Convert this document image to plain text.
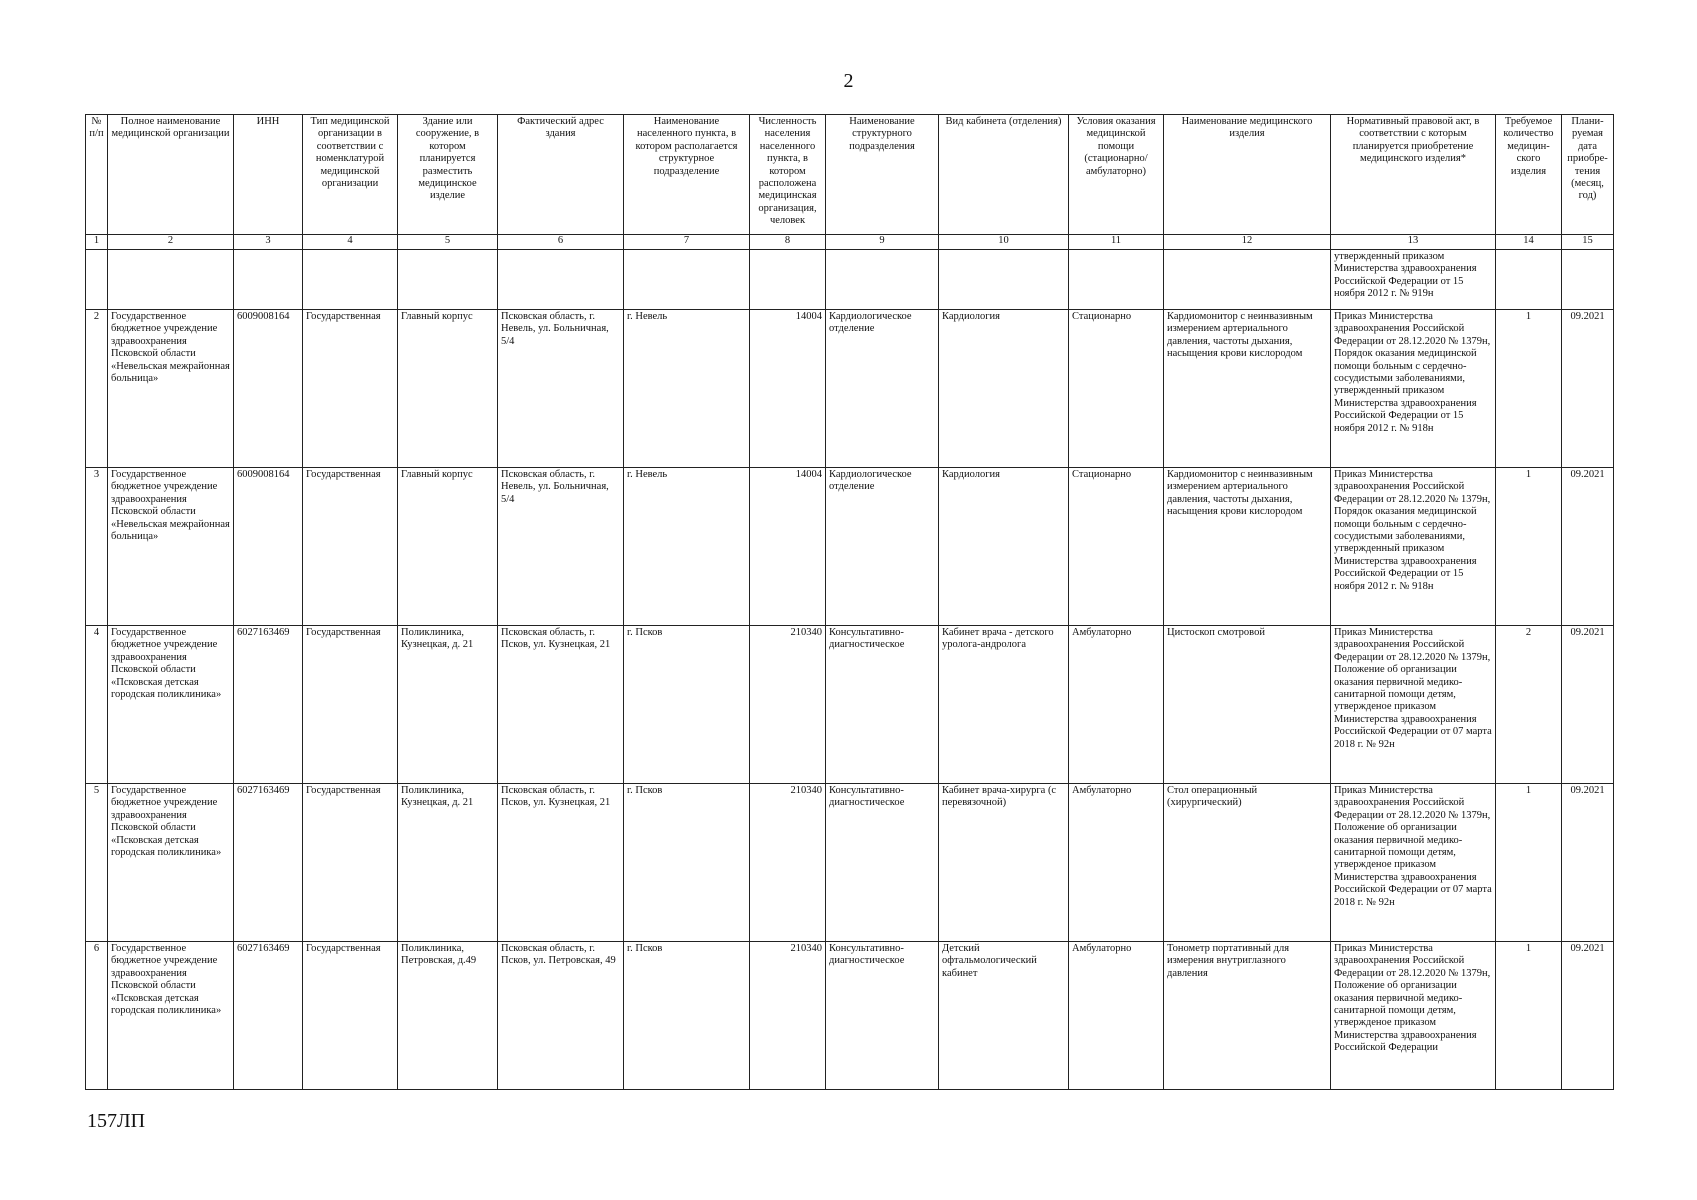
2
№ п/п	Полное наименование медицинской организации	ИНН	Тип медицинской организации в соответствии с номенклатурой медицинской организации	Здание или сооружение, в котором планируется разместить медицинское изделие	Фактический адрес здания	Наименование населенного пункта, в котором располагается структурное подразделение	Численность населения населенного пункта, в котором расположена медицинская организация, человек	Наименование структурного подразделения	Вид кабинета (отделения)	Условия оказания медицинской помощи (стационарно/ амбулаторно)	Наименование медицинского изделия	Нормативный правовой акт, в соответствии с которым планируется приобретение медицинского изделия*	Требуемое количество медицин-ского изделия	Плани-руемая дата приобре-тения (месяц, год)
1	2	3	4	5	6	7	8	9	10	11	12	13	14	15
												утвержденный приказом Министерства здравоохранения Российской Федерации от 15 ноября 2012 г. № 919н		
2	Государственное бюджетное учреждение здравоохранения Псковской области «Невельская межрайонная больница»	6009008164	Государственная	Главный корпус	Псковская область, г. Невель, ул. Больничная, 5/4	г. Невель	14004	Кардиологическое отделение	Кардиология	Стационарно	Кардиомонитор с неинвазивным измерением артериального давления, частоты дыхания, насыщения крови кислородом	Приказ Министерства здравоохранения Российской Федерации от 28.12.2020 № 1379н, Порядок оказания медицинской помощи больным с сердечно-сосудистыми заболеваниями, утвержденный приказом Министерства здравоохранения Российской Федерации от 15 ноября 2012 г. № 918н	1	09.2021
3	Государственное бюджетное учреждение здравоохранения Псковской области «Невельская межрайонная больница»	6009008164	Государственная	Главный корпус	Псковская область, г. Невель, ул. Больничная, 5/4	г. Невель	14004	Кардиологическое отделение	Кардиология	Стационарно	Кардиомонитор с неинвазивным измерением артериального давления, частоты дыхания, насыщения крови кислородом	Приказ Министерства здравоохранения Российской Федерации от 28.12.2020 № 1379н, Порядок оказания медицинской помощи больным с сердечно-сосудистыми заболеваниями, утвержденный приказом Министерства здравоохранения Российской Федерации от 15 ноября 2012 г. № 918н	1	09.2021
4	Государственное бюджетное учреждение здравоохранения Псковской области «Псковская детская городская поликлиника»	6027163469	Государственная	Поликлиника, Кузнецкая, д. 21	Псковская область, г. Псков, ул. Кузнецкая, 21	г. Псков	210340	Консультативно-диагностическое	Кабинет врача - детского уролога-андролога	Амбулаторно	Цистоскоп смотровой	Приказ Министерства здравоохранения Российской Федерации от 28.12.2020 № 1379н, Положение об организации оказания первичной медико-санитарной помощи детям, утвержденое приказом Министерства здравоохранения Российской Федерации от 07 марта 2018 г. № 92н	2	09.2021
5	Государственное бюджетное учреждение здравоохранения Псковской области «Псковская детская городская поликлиника»	6027163469	Государственная	Поликлиника, Кузнецкая, д. 21	Псковская область, г. Псков, ул. Кузнецкая, 21	г. Псков	210340	Консультативно-диагностическое	Кабинет врача-хирурга (с перевязочной)	Амбулаторно	Стол операционный (хирургический)	Приказ Министерства здравоохранения Российской Федерации от 28.12.2020 № 1379н, Положение об организации оказания первичной медико-санитарной помощи детям, утвержденое приказом Министерства здравоохранения Российской Федерации от 07 марта 2018 г. № 92н	1	09.2021
6	Государственное бюджетное учреждение здравоохранения Псковской области «Псковская детская городская поликлиника»	6027163469	Государственная	Поликлиника, Петровская, д.49	Псковская область, г. Псков, ул. Петровская, 49	г. Псков	210340	Консультативно-диагностическое	Детский офтальмологический кабинет	Амбулаторно	Тонометр портативный для измерения внутриглазного давления	Приказ Министерства здравоохранения Российской Федерации от 28.12.2020 № 1379н, Положение об организации оказания первичной медико-санитарной помощи детям, утвержденое приказом Министерства здравоохранения Российской Федерации	1	09.2021
157ЛП
